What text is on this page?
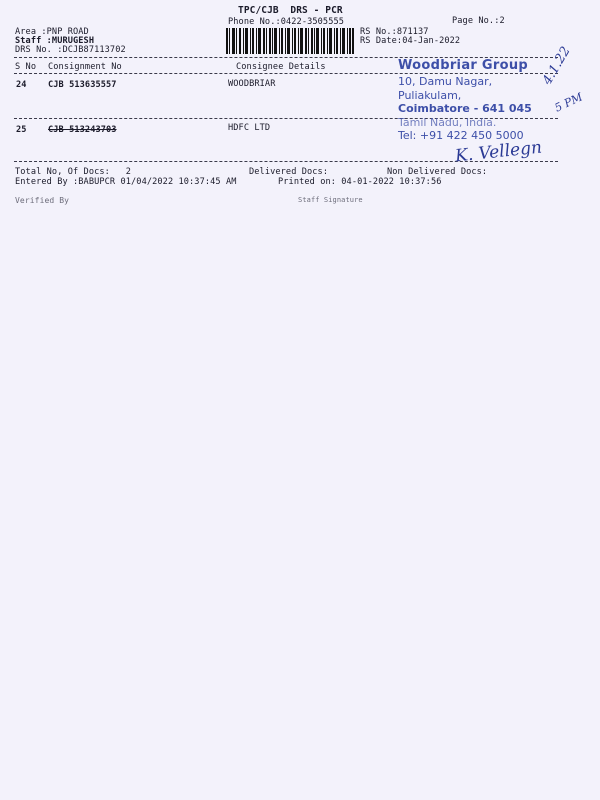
TPC/CJB  DRS - PCR
Phone No.:0422-3505555	Page No.:2
Area :PNP ROAD
Staff :MURUGESH
DRS No. :DCJB87113702
RS No.:871137
RS Date:04-Jan-2022
S No Consignment No	Consignee Details
24 CJB 513635557	WOODBRIAR
25 CJB 513243703	HDFC LTD
Total No, Of Docs:   2	Delivered Docs:	Non Delivered Docs:
Entered By :BABUPCR 01/04/2022 10:37:45 AM	Printed on: 04-01-2022 10:37:56
Verified By	Staff Signature
Woodbriar Group
10, Damu Nagar,
Puliakulam,
Coimbatore - 641 045
Tamil Nadu, India.
Tel: +91 422 450 5000
4.1.22
5 PM
K. Vellegn
